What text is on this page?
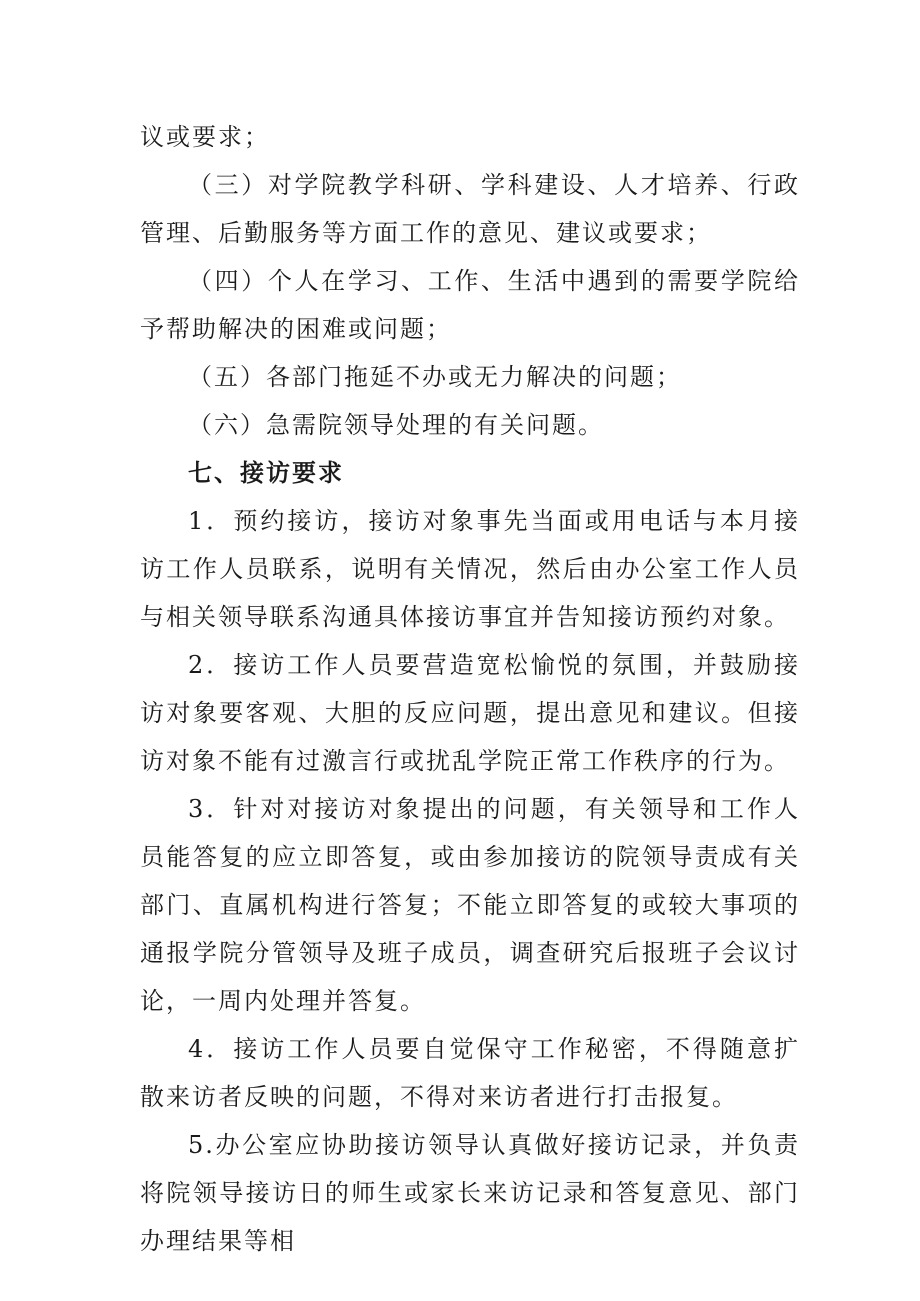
议或要求；

（三）对学院教学科研、学科建设、人才培养、行政管理、后勤服务等方面工作的意见、建议或要求；

（四）个人在学习、工作、生活中遇到的需要学院给予帮助解决的困难或问题；

（五）各部门拖延不办或无力解决的问题；

（六）急需院领导处理的有关问题。

七、接访要求

1．预约接访，接访对象事先当面或用电话与本月接访工作人员联系，说明有关情况，然后由办公室工作人员与相关领导联系沟通具体接访事宜并告知接访预约对象。

2．接访工作人员要营造宽松愉悦的氛围，并鼓励接访对象要客观、大胆的反应问题，提出意见和建议。但接访对象不能有过激言行或扰乱学院正常工作秩序的行为。

3．针对对接访对象提出的问题，有关领导和工作人员能答复的应立即答复，或由参加接访的院领导责成有关部门、直属机构进行答复；不能立即答复的或较大事项的通报学院分管领导及班子成员，调查研究后报班子会议讨论，一周内处理并答复。

4．接访工作人员要自觉保守工作秘密，不得随意扩散来访者反映的问题，不得对来访者进行打击报复。

5.办公室应协助接访领导认真做好接访记录，并负责将院领导接访日的师生或家长来访记录和答复意见、部门办理结果等相
